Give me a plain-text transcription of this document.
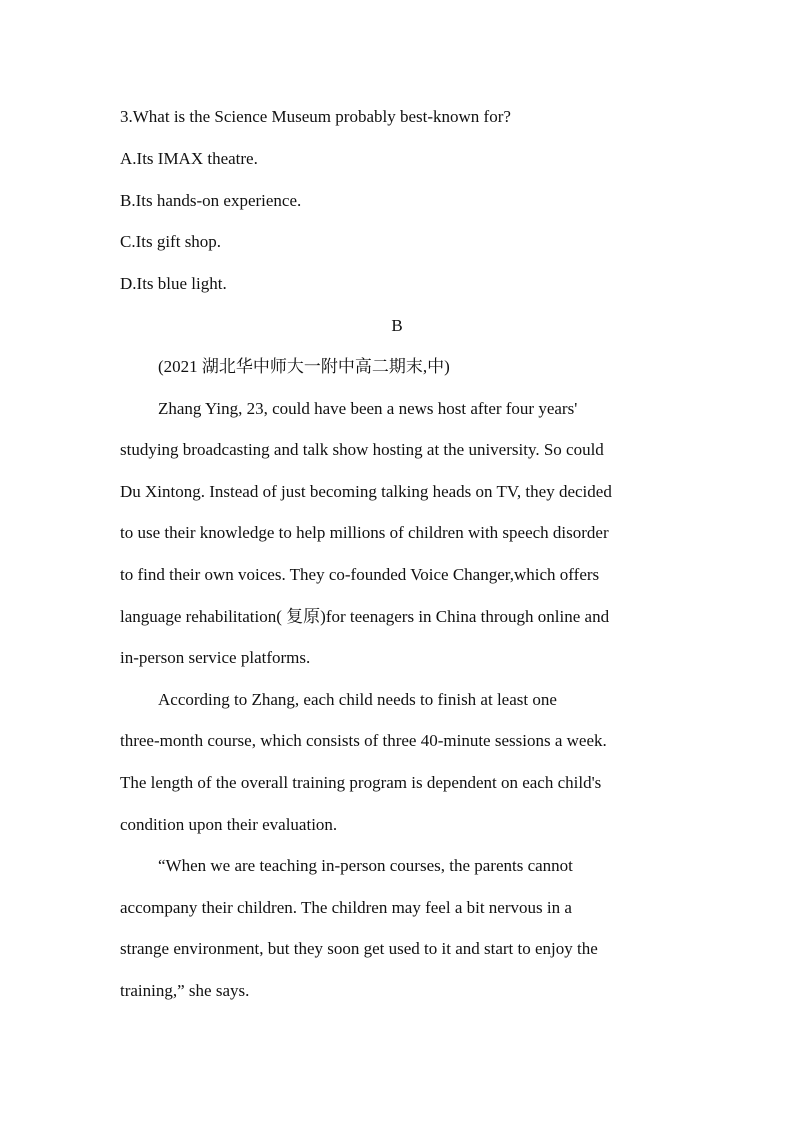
3.What is the Science Museum probably best-known for?
A.Its IMAX theatre.
B.Its hands-on experience.
C.Its gift shop.
D.Its blue light.
B
(2021 湖北华中师大一附中高二期末,中)
Zhang Ying, 23, could have been a news host after four years'
studying broadcasting and talk show hosting at the university. So could
Du Xintong. Instead of just becoming talking heads on TV, they decided
to use their knowledge to help millions of children with speech disorder
to find their own voices. They co-founded Voice Changer,which offers
language rehabilitation( 复原)for teenagers in China through online and
in-person service platforms.
According to Zhang, each child needs to finish at least one
three-month course, which consists of three 40-minute sessions a week.
The length of the overall training program is dependent on each child's
condition upon their evaluation.
“When we are teaching in-person courses, the parents cannot
accompany their children. The children may feel a bit nervous in a
strange environment, but they soon get used to it and start to enjoy the
training,” she says.
